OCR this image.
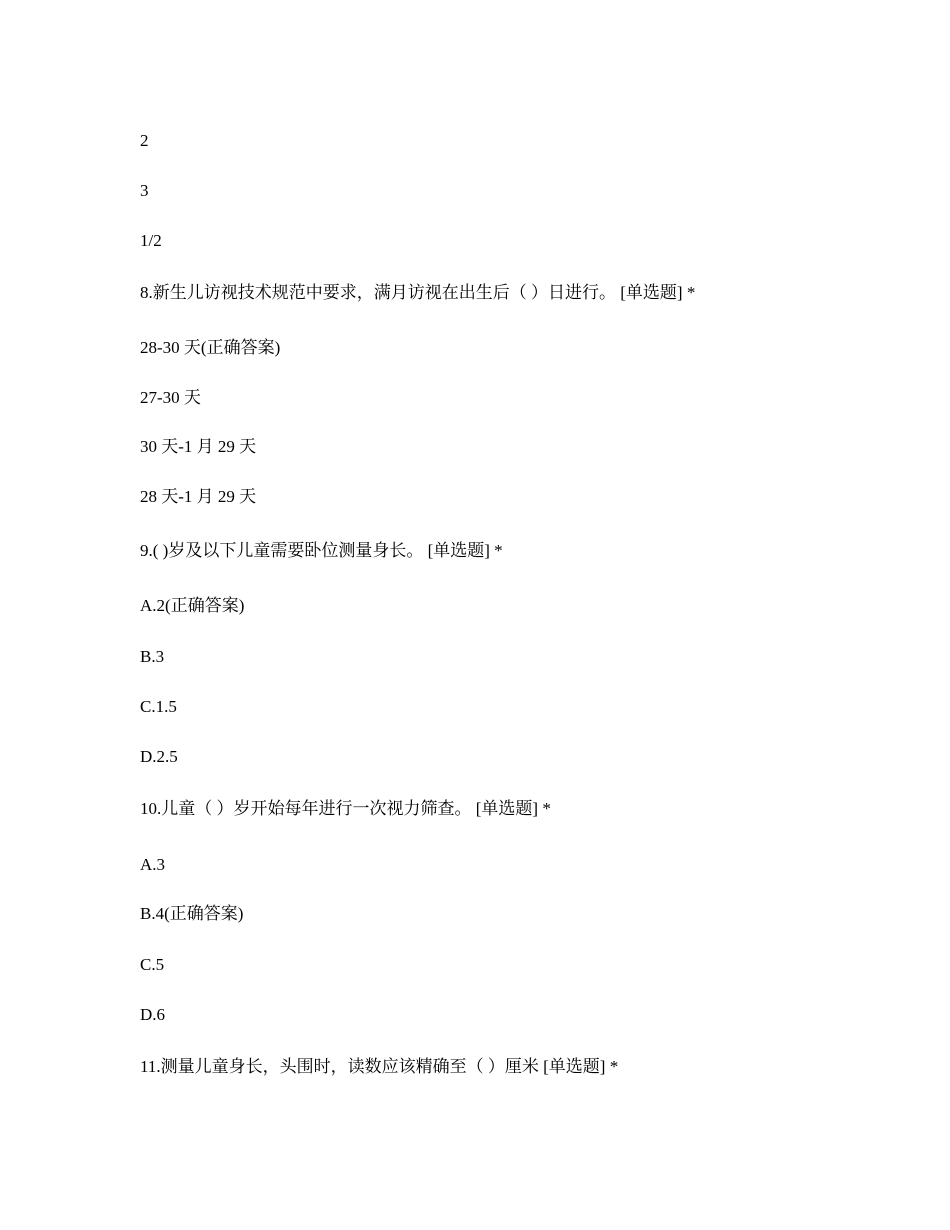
2
3
1/2
8.新生儿访视技术规范中要求，满月访视在出生后（ ）日进行。 [单选题] *
28-30 天(正确答案)
27-30 天
30 天-1 月 29 天
28 天-1 月 29 天
9.( )岁及以下儿童需要卧位测量身长。 [单选题] *
A.2(正确答案)
B.3
C.1.5
D.2.5
10.儿童（ ）岁开始每年进行一次视力筛查。 [单选题] *
A.3
B.4(正确答案)
C.5
D.6
11.测量儿童身长，头围时，读数应该精确至（ ）厘米 [单选题] *
